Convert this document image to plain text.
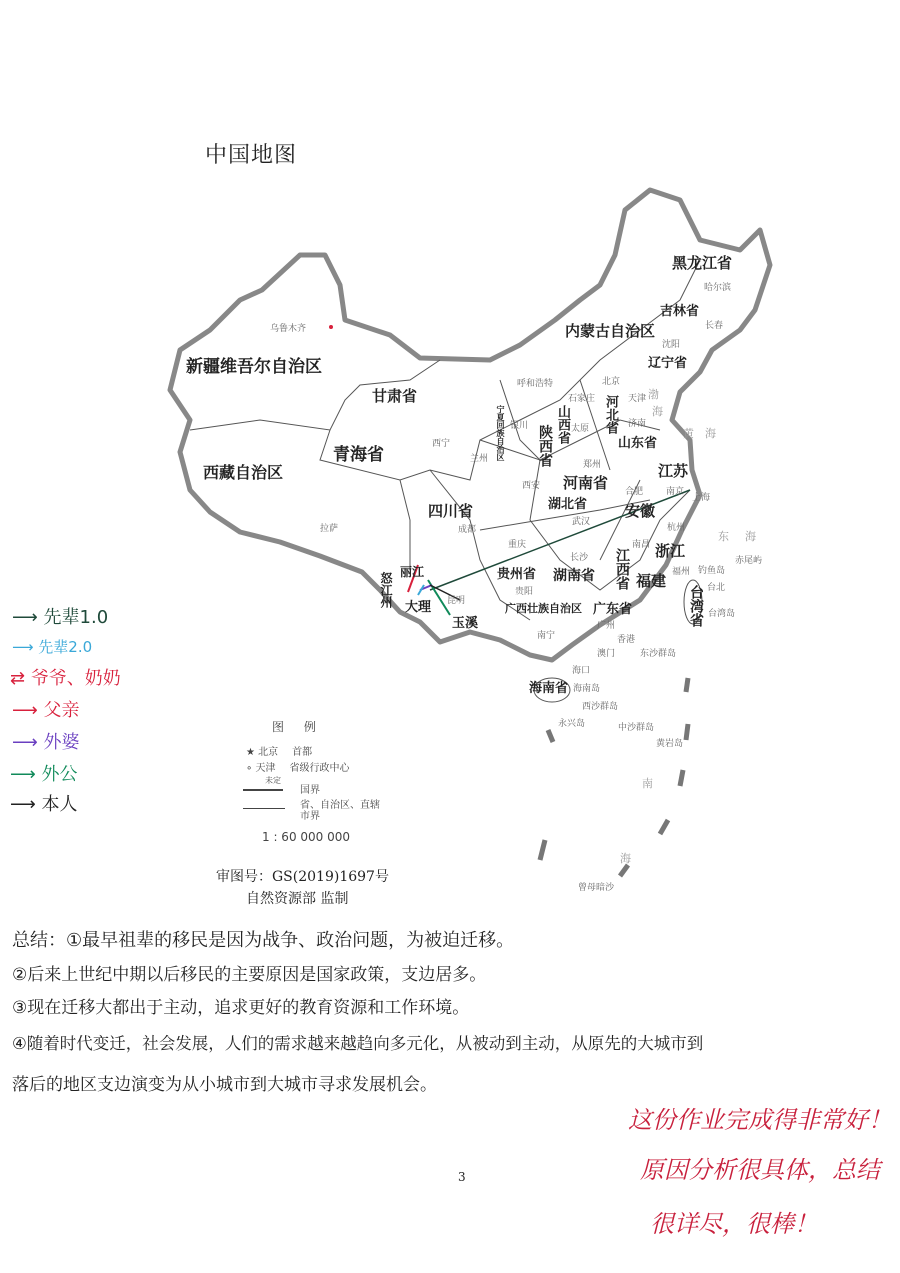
中国地图
新疆维吾尔自治区
西藏自治区
青海省
甘肃省
内蒙古自治区
黑龙江省
吉林省
辽宁省
河北省
山西省
陕西省
宁夏回族自治区	山东省
河南省
江苏
安徽
湖北省
四川省
贵州省 湖南省 江西省 浙江
福建
广东省
广西壮族自治区
海南省
台湾省
乌鲁木齐
拉萨
西宁
兰州
呼和浩特
哈尔滨
长春
沈阳
北京
天津
石家庄
太原	济南
郑州
西安
银川
合肥	南京
上海
杭州
武汉
成都
重庆
长沙
南昌
贵阳
昆明
福州
台北
南宁
广州
香港
澳门
海口
渤
海
黄 海
东 海
南
海
钓鱼岛
赤尾屿
台湾岛
东沙群岛
海南岛
西沙群岛
永兴岛	中沙群岛
黄岩岛
曾母暗沙
怒江州 丽江
大理
玉溪
⟶ 先辈1.0
⟶ 先辈2.0
⇄ 爷爷、奶奶
⟶ 父亲
⟶ 外婆
⟶ 外公
⟶ 本人
图 例
★ 北京 首都
∘ 天津 省级行政中心
未定
国界
省、自治区、直辖市界
1 : 60 000 000
审图号：GS(2019)1697号
自然资源部 监制
总结：①最早祖辈的移民是因为战争、政治问题，为被迫迁移。
②后来上世纪中期以后移民的主要原因是国家政策，支边居多。
③现在迁移大都出于主动，追求更好的教育资源和工作环境。
④随着时代变迁，社会发展，人们的需求越来越趋向多元化，从被动到主动，从原先的大城市到
落后的地区支边演变为从小城市到大城市寻求发展机会。
这份作业完成得非常好！
原因分析很具体，总结
很详尽，很棒！
3
